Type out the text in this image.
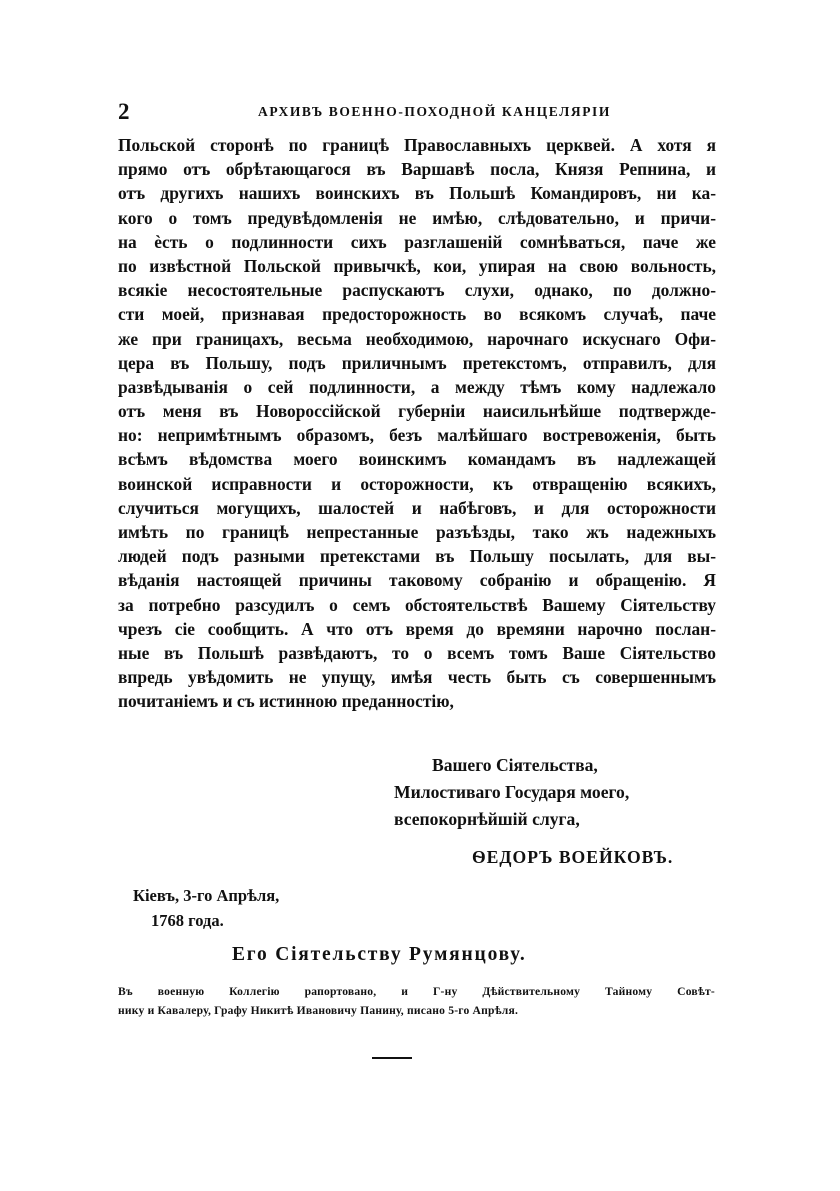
2	АРХИВЪ ВОЕННО-ПОХОДНОЙ КАНЦЕЛЯРІИ
Польской сторонѣ по границѣ Православныхъ церквей. А хотя я
прямо отъ обрѣтающагося въ Варшавѣ посла, Князя Репнина, и
отъ другихъ нашихъ воинскихъ въ Польшѣ Командировъ, ни ка-
кого о томъ предувѣдомленія не имѣю, слѣдовательно, и причи-
на ѐсть о подлинности сихъ разглашеній сомнѣваться, паче же
по извѣстной Польской привычкѣ, кои, упирая на свою вольность,
всякіе несостоятельные распускаютъ слухи, однако, по должно-
сти моей, признавая предосторожность во всякомъ случаѣ, паче
же при границахъ, весьма необходимою, нарочнаго искуснаго Офи-
цера въ Польшу, подъ приличнымъ претекстомъ, отправилъ, для
развѣдыванія о сей подлинности, а между тѣмъ кому надлежало
отъ меня въ Новороссійской губерніи наисильнѣйше подтвержде-
но: непримѣтнымъ образомъ, безъ малѣйшаго востревоженія, быть
всѣмъ вѣдомства моего воинскимъ командамъ въ надлежащей
воинской исправности и осторожности, къ отвращенію всякихъ,
случиться могущихъ, шалостей и набѣговъ, и для осторожности
имѣть по границѣ непрестанные разъѣзды, тако жъ надежныхъ
людей подъ разными претекстами въ Польшу посылать, для вы-
вѣданія настоящей причины таковому собранію и обращенію. Я
за потребно разсудилъ о семъ обстоятельствѣ Вашему Сіятельству
чрезъ сіе сообщить. А что отъ время до времяни нарочно послан-
ные въ Польшѣ развѣдаютъ, то о всемъ томъ Ваше Сіятельство
впредь увѣдомить не упущу, имѣя честь быть съ совершеннымъ
почитаніемъ и съ истинною преданностію,
Вашего Сіятельства,
Милостиваго Государя моего,
всепокорнѣйшій слуга,
ѲЕДОРЪ ВОЕЙКОВЪ.
Кіевъ, 3-го Апрѣля,
1768 года.
Его Сіятельству Румянцову.
Въ военную Коллегію рапортовано, и Г-ну Дѣйствительному Тайному Совѣт-
нику и Кавалеру, Графу Никитѣ Ивановичу Панину, писано 5-го Апрѣля.
